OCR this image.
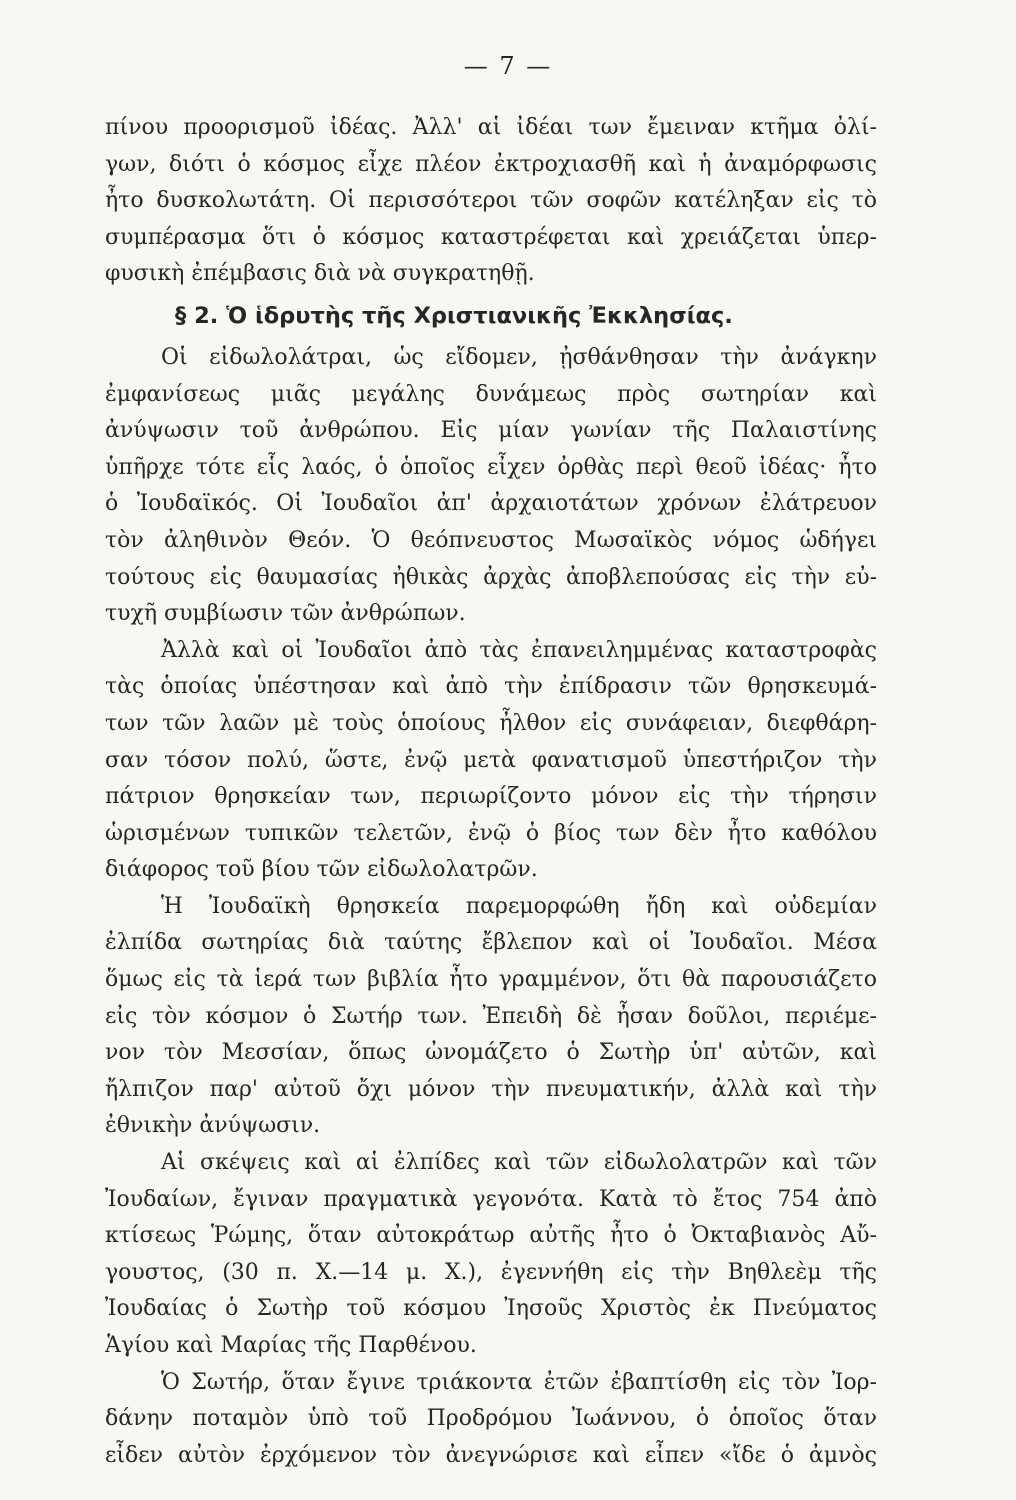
— 7 —
πίνου προορισμοῦ ἰδέας. Ἀλλ' αἱ ἰδέαι των ἔμειναν κτῆμα ὀλί-
γων, διότι ὁ κόσμος εἶχε πλέον ἐκτροχιασθῆ καὶ ἡ ἀναμόρφωσις
ἦτο δυσκολωτάτη. Οἱ περισσότεροι τῶν σοφῶν κατέληξαν εἰς τὸ
συμπέρασμα ὅτι ὁ κόσμος καταστρέφεται καὶ χρειάζεται ὑπερ-
φυσικὴ ἐπέμβασις διὰ νὰ συγκρατηθῇ.
§ 2. Ὁ ἱδρυτὴς τῆς Χριστιανικῆς Ἐκκλησίας.
Οἱ εἰδωλολάτραι, ὡς εἴδομεν, ᾐσθάνθησαν τὴν ἀνάγκην
ἐμφανίσεως μιᾶς μεγάλης δυνάμεως πρὸς σωτηρίαν καὶ
ἀνύψωσιν τοῦ ἀνθρώπου. Εἰς μίαν γωνίαν τῆς Παλαιστίνης
ὑπῆρχε τότε εἷς λαός, ὁ ὁποῖος εἶχεν ὀρθὰς περὶ θεοῦ ἰδέας· ἦτο
ὁ Ἰουδαϊκός. Οἱ Ἰουδαῖοι ἀπ' ἀρχαιοτάτων χρόνων ἐλάτρευον
τὸν ἀληθινὸν Θεόν. Ὁ θεόπνευστος Μωσαϊκὸς νόμος ὡδήγει
τούτους εἰς θαυμασίας ἠθικὰς ἀρχὰς ἀποβλεπούσας εἰς τὴν εὐ-
τυχῆ συμβίωσιν τῶν ἀνθρώπων.
Ἀλλὰ καὶ οἱ Ἰουδαῖοι ἀπὸ τὰς ἐπανειλημμένας καταστροφὰς
τὰς ὁποίας ὑπέστησαν καὶ ἀπὸ τὴν ἐπίδρασιν τῶν θρησκευμά-
των τῶν λαῶν μὲ τοὺς ὁποίους ἦλθον εἰς συνάφειαν, διεφθάρη-
σαν τόσον πολύ, ὥστε, ἐνῷ μετὰ φανατισμοῦ ὑπεστήριζον τὴν
πάτριον θρησκείαν των, περιωρίζοντο μόνον εἰς τὴν τήρησιν
ὡρισμένων τυπικῶν τελετῶν, ἐνῷ ὁ βίος των δὲν ἦτο καθόλου
διάφορος τοῦ βίου τῶν εἰδωλολατρῶν.
Ἡ Ἰουδαϊκὴ θρησκεία παρεμορφώθη ἤδη καὶ οὐδεμίαν
ἐλπίδα σωτηρίας διὰ ταύτης ἔβλεπον καὶ οἱ Ἰουδαῖοι. Μέσα
ὅμως εἰς τὰ ἱερά των βιβλία ἦτο γραμμένον, ὅτι θὰ παρουσιάζετο
εἰς τὸν κόσμον ὁ Σωτήρ των. Ἐπειδὴ δὲ ἦσαν δοῦλοι, περιέμε-
νον τὸν Μεσσίαν, ὅπως ὠνομάζετο ὁ Σωτὴρ ὑπ' αὐτῶν, καὶ
ἤλπιζον παρ' αὐτοῦ ὄχι μόνον τὴν πνευματικήν, ἀλλὰ καὶ τὴν
ἐθνικὴν ἀνύψωσιν.
Αἱ σκέψεις καὶ αἱ ἐλπίδες καὶ τῶν εἰδωλολατρῶν καὶ τῶν
Ἰουδαίων, ἔγιναν πραγματικὰ γεγονότα. Κατὰ τὸ ἔτος 754 ἀπὸ
κτίσεως Ῥώμης, ὅταν αὐτοκράτωρ αὐτῆς ἦτο ὁ Ὀκταβιανὸς Αὔ-
γουστος, (30 π. Χ.—14 μ. Χ.), ἐγεννήθη εἰς τὴν Βηθλεὲμ τῆς
Ἰουδαίας ὁ Σωτὴρ τοῦ κόσμου Ἰησοῦς Χριστὸς ἐκ Πνεύματος
Ἁγίου καὶ Μαρίας τῆς Παρθένου.
Ὁ Σωτήρ, ὅταν ἔγινε τριάκοντα ἐτῶν ἐβαπτίσθη εἰς τὸν Ἰορ-
δάνην ποταμὸν ὑπὸ τοῦ Προδρόμου Ἰωάννου, ὁ ὁποῖος ὅταν
εἶδεν αὐτὸν ἐρχόμενον τὸν ἀνεγνώρισε καὶ εἶπεν «ἴδε ὁ ἀμνὸς
